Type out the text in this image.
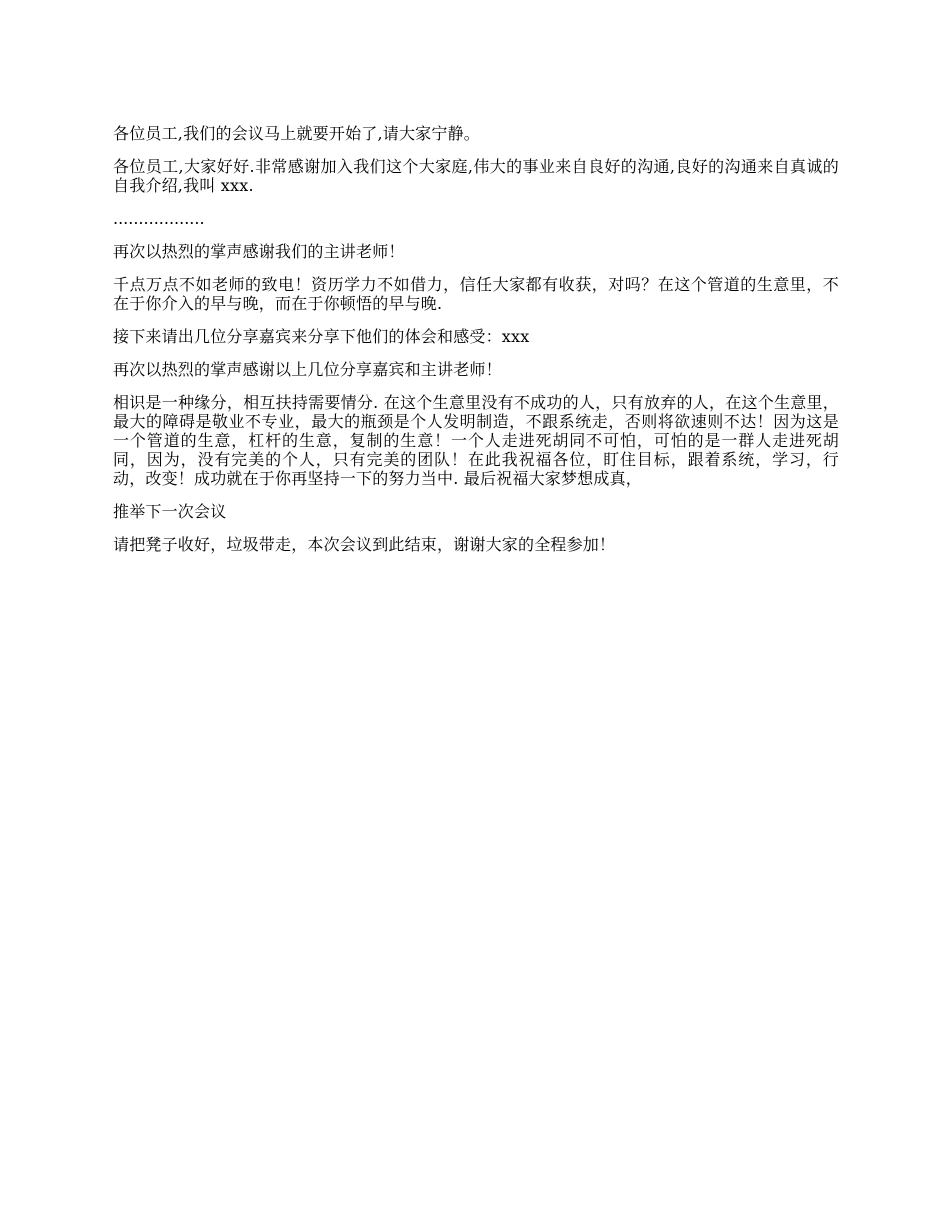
各位员工,我们的会议马上就要开始了,请大家宁静。

各位员工,大家好好.非常感谢加入我们这个大家庭,伟大的事业来自良好的沟通,良好的沟通来自真诚的自我介绍,我叫 xxx.

..................

再次以热烈的掌声感谢我们的主讲老师！

千点万点不如老师的致电！资历学力不如借力，信任大家都有收获，对吗？在这个管道的生意里，不在于你介入的早与晚，而在于你顿悟的早与晚.

接下来请出几位分享嘉宾来分享下他们的体会和感受：xxx

再次以热烈的掌声感谢以上几位分享嘉宾和主讲老师！

相识是一种缘分，相互扶持需要情分. 在这个生意里没有不成功的人，只有放弃的人，在这个生意里，最大的障碍是敬业不专业，最大的瓶颈是个人发明制造，不跟系统走，否则将欲速则不达！因为这是一个管道的生意，杠杆的生意，复制的生意！一个人走进死胡同不可怕，可怕的是一群人走进死胡同，因为，没有完美的个人，只有完美的团队！在此我祝福各位，盯住目标，跟着系统，学习，行动，改变！成功就在于你再坚持一下的努力当中. 最后祝福大家梦想成真，

推举下一次会议

请把凳子收好，垃圾带走，本次会议到此结束，谢谢大家的全程参加！
